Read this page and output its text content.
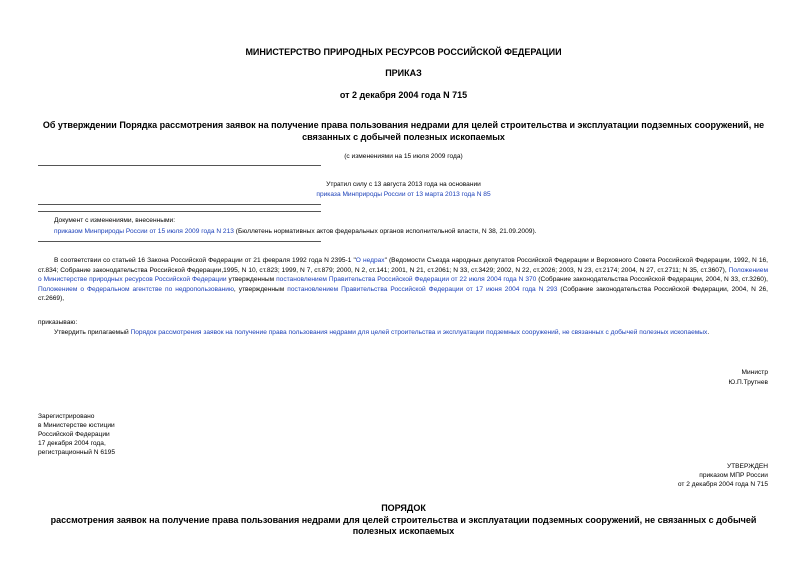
МИНИСТЕРСТВО ПРИРОДНЫХ РЕСУРСОВ РОССИЙСКОЙ ФЕДЕРАЦИИ
ПРИКАЗ
от 2 декабря 2004 года N 715
Об утверждении Порядка рассмотрения заявок на получение права пользования недрами для целей строительства и эксплуатации подземных сооружений, не
связанных с добычей полезных ископаемых
(с изменениями на 15 июля 2009 года)
Утратил силу с 13 августа 2013 года на основании
приказа Минприроды России от 13 марта 2013 года N 85
Документ с изменениями, внесенными:
приказом Минприроды России от 15 июля 2009 года N 213 (Бюллетень нормативных актов федеральных органов исполнительной власти, N 38, 21.09.2009).
В соответствии со статьей 16 Закона Российской Федерации от 21 февраля 1992 года N 2395-1 "О недрах" (Ведомости Съезда народных депутатов Российской Федерации и Верховного Совета Российской Федерации, 1992, N 16, ст.834; Собрание законодательства Российской Федерации,1995, N 10, ст.823; 1999, N 7, ст.879; 2000, N 2, ст.141; 2001, N 21, ст.2061; N 33, ст.3429; 2002, N 22, ст.2026; 2003, N 23, ст.2174; 2004, N 27, ст.2711; N 35, ст.3607), Положением о Министерстве природных ресурсов Российской Федерации утвержденным постановлением Правительства Российской Федерации от 22 июля 2004 года N 370 (Собрание законодательства Российской Федерации, 2004, N 33, ст.3260), Положением о Федеральном агентстве по недропользованию, утвержденным постановлением Правительства Российской Федерации от 17 июня 2004 года N 293 (Собрание законодательства Российской Федерации, 2004, N 26, ст.2669),
приказываю:
Утвердить прилагаемый Порядок рассмотрения заявок на получение права пользования недрами для целей строительства и эксплуатации подземных сооружений, не связанных с добычей полезных ископаемых.
Министр
Ю.П.Трутнев
Зарегистрировано
в Министерстве юстиции
Российской Федерации
17 декабря 2004 года,
регистрационный N 6195
УТВЕРЖДЕН
приказом МПР России
от 2 декабря 2004 года N 715
ПОРЯДОК
рассмотрения заявок на получение права пользования недрами для целей строительства и эксплуатации подземных сооружений, не связанных с добычей
полезных ископаемых
